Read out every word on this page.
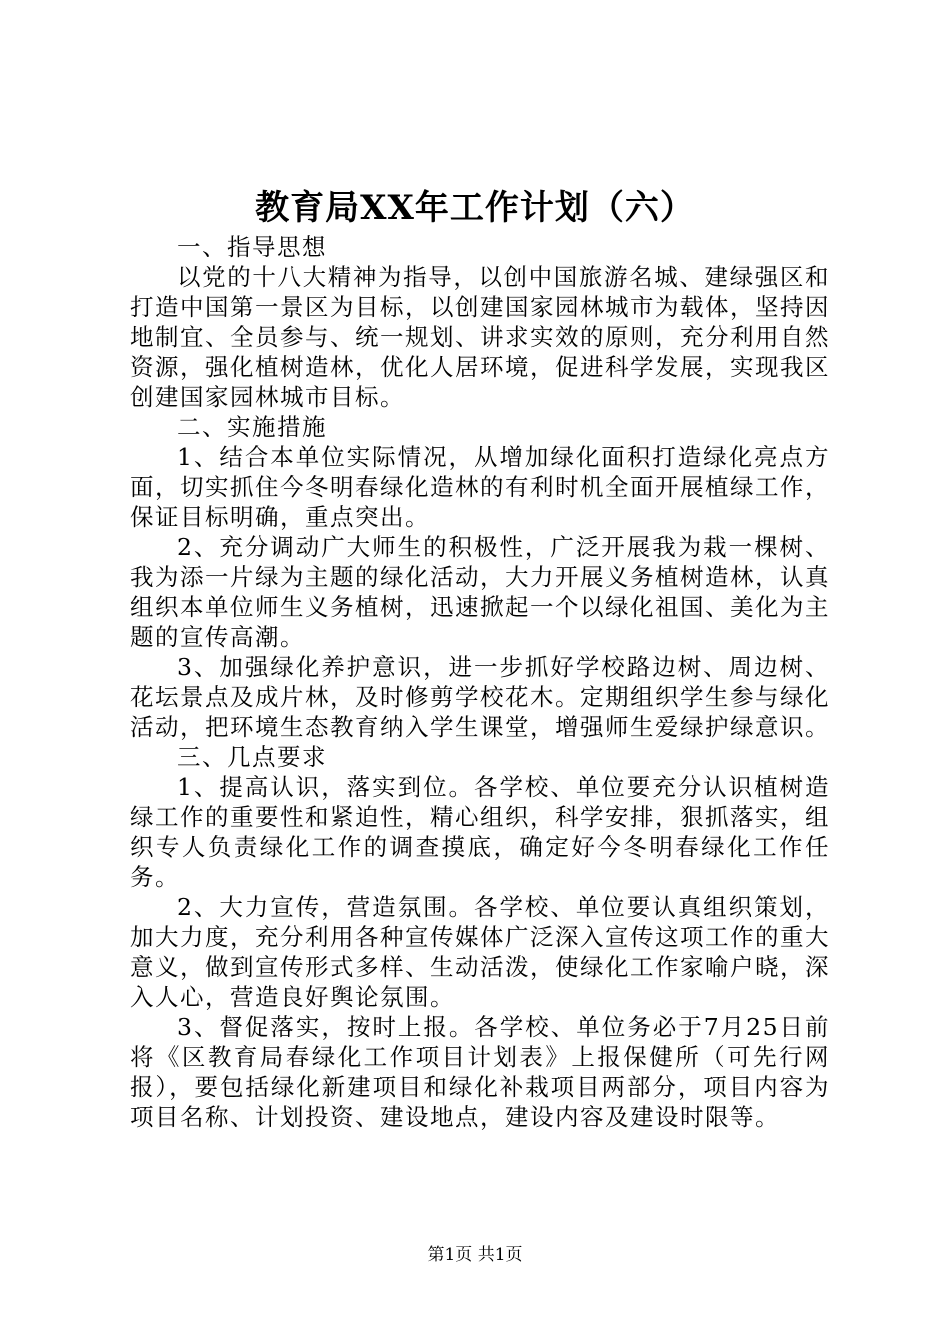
教育局XX年工作计划（六）

一、指导思想

以党的十八大精神为指导，以创中国旅游名城、建绿强区和打造中国第一景区为目标，以创建国家园林城市为载体，坚持因地制宜、全员参与、统一规划、讲求实效的原则，充分利用自然资源，强化植树造林，优化人居环境，促进科学发展，实现我区创建国家园林城市目标。

二、实施措施

1、结合本单位实际情况，从增加绿化面积打造绿化亮点方面，切实抓住今冬明春绿化造林的有利时机全面开展植绿工作，保证目标明确，重点突出。

2、充分调动广大师生的积极性，广泛开展我为栽一棵树、我为添一片绿为主题的绿化活动，大力开展义务植树造林，认真组织本单位师生义务植树，迅速掀起一个以绿化祖国、美化为主题的宣传高潮。

3、加强绿化养护意识，进一步抓好学校路边树、周边树、花坛景点及成片林，及时修剪学校花木。定期组织学生参与绿化活动，把环境生态教育纳入学生课堂，增强师生爱绿护绿意识。

三、几点要求

1、提高认识，落实到位。各学校、单位要充分认识植树造绿工作的重要性和紧迫性，精心组织，科学安排，狠抓落实，组织专人负责绿化工作的调查摸底，确定好今冬明春绿化工作任务。

2、大力宣传，营造氛围。各学校、单位要认真组织策划，加大力度，充分利用各种宣传媒体广泛深入宣传这项工作的重大意义，做到宣传形式多样、生动活泼，使绿化工作家喻户晓，深入人心，营造良好舆论氛围。

3、督促落实，按时上报。各学校、单位务必于7月25日前将《区教育局春绿化工作项目计划表》上报保健所（可先行网报），要包括绿化新建项目和绿化补栽项目两部分，项目内容为项目名称、计划投资、建设地点，建设内容及建设时限等。

第1页 共1页
